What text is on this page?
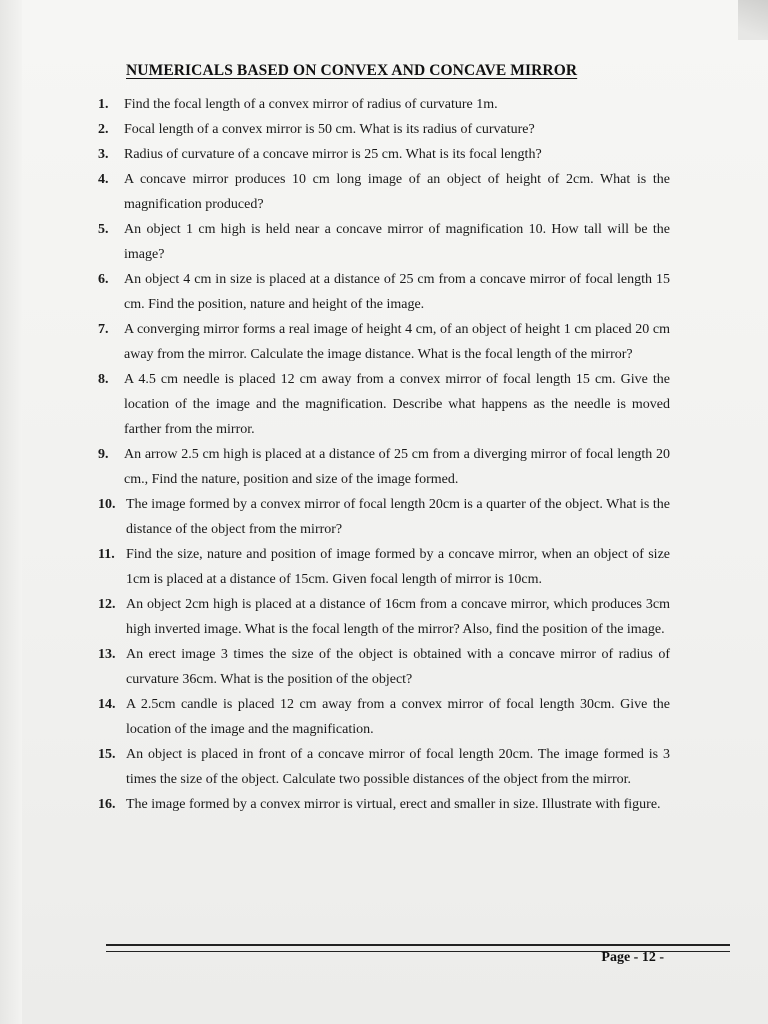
NUMERICALS BASED ON CONVEX AND CONCAVE MIRROR
1. Find the focal length of a convex mirror of radius of curvature 1m.
2. Focal length of a convex mirror is 50 cm. What is its radius of curvature?
3. Radius of curvature of a concave mirror is 25 cm. What is its focal length?
4. A concave mirror produces 10 cm long image of an object of height of 2cm. What is the magnification produced?
5. An object 1 cm high is held near a concave mirror of magnification 10. How tall will be the image?
6. An object 4 cm in size is placed at a distance of 25 cm from a concave mirror of focal length 15 cm. Find the position, nature and height of the image.
7. A converging mirror forms a real image of height 4 cm, of an object of height 1 cm placed 20 cm away from the mirror. Calculate the image distance. What is the focal length of the mirror?
8. A 4.5 cm needle is placed 12 cm away from a convex mirror of focal length 15 cm. Give the location of the image and the magnification. Describe what happens as the needle is moved farther from the mirror.
9. An arrow 2.5 cm high is placed at a distance of 25 cm from a diverging mirror of focal length 20 cm., Find the nature, position and size of the image formed.
10. The image formed by a convex mirror of focal length 20cm is a quarter of the object. What is the distance of the object from the mirror?
11. Find the size, nature and position of image formed by a concave mirror, when an object of size 1cm is placed at a distance of 15cm. Given focal length of mirror is 10cm.
12. An object 2cm high is placed at a distance of 16cm from a concave mirror, which produces 3cm high inverted image. What is the focal length of the mirror? Also, find the position of the image.
13. An erect image 3 times the size of the object is obtained with a concave mirror of radius of curvature 36cm. What is the position of the object?
14. A 2.5cm candle is placed 12 cm away from a convex mirror of focal length 30cm. Give the location of the image and the magnification.
15. An object is placed in front of a concave mirror of focal length 20cm. The image formed is 3 times the size of the object. Calculate two possible distances of the object from the mirror.
16. The image formed by a convex mirror is virtual, erect and smaller in size. Illustrate with figure.
Page - 12 -
